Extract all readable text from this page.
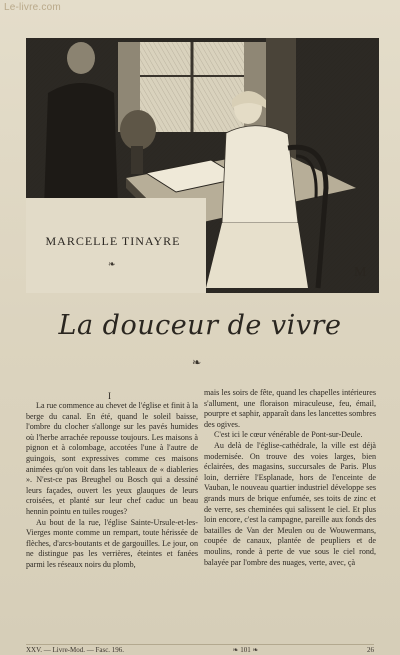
Le-livre.com
M
MARCELLE TINAYRE
❧
La douceur de vivre
❧
I

La rue commence au chevet de l'église et finit à la berge du canal. En été, quand le soleil baisse, l'ombre du clocher s'allonge sur les pavés humides où l'herbe arrachée repousse toujours. Les maisons à pignon et à colombage, accotées l'une à l'autre de guingois, sont expressives comme ces maisons animées qu'on voit dans les tableaux de « diableries ». N'est-ce pas Breughel ou Bosch qui a dessiné leurs façades, ouvert les yeux glauques de leurs croisées, et planté sur leur chef caduc un beau hennin pointu en tuiles rouges?

Au bout de la rue, l'église Sainte-Ursule-et-les-Vierges monte comme un rempart, toute hérissée de flèches, d'arcs-boutants et de gargouilles. Le jour, on ne distingue pas les verrières, éteintes et fanées parmi les réseaux noirs du plomb,

mais les soirs de fête, quand les chapelles intérieures s'allument, une floraison miraculeuse, feu, émail, pourpre et saphir, apparaît dans les lancettes sombres des ogives.

C'est ici le cœur vénérable de Pont-sur-Deule.

Au delà de l'église-cathédrale, la ville est déjà modernisée. On trouve des voies larges, bien éclairées, des magasins, succursales de Paris. Plus loin, derrière l'Esplanade, hors de l'enceinte de Vauban, le nouveau quartier industriel développe ses grands murs de brique enfumée, ses toits de zinc et de verre, ses cheminées qui salissent le ciel. Et plus loin encore, c'est la campagne, pareille aux fonds des batailles de Van der Meulen ou de Wouwermans, coupée de canaux, plantée de peupliers et de moulins, ronde à perte de vue sous le ciel rond, balayée par l'ombre des nuages, verte, avec, çà

XXV. — Livre-Mod. — Fasc. 196.	❧ 101 ❧	26
